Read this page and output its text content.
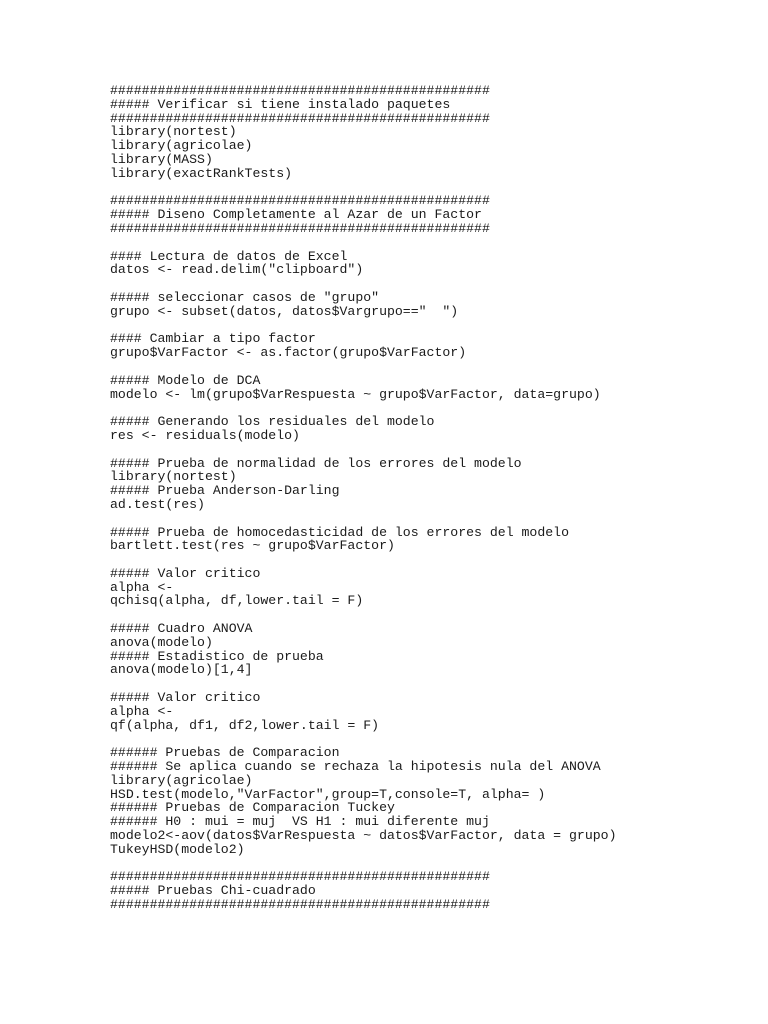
################################################
##### Verificar si tiene instalado paquetes
################################################
library(nortest)
library(agricolae)
library(MASS)
library(exactRankTests)
################################################
##### Diseno Completamente al Azar de un Factor
################################################
#### Lectura de datos de Excel
datos <- read.delim("clipboard")
##### seleccionar casos de "grupo"
grupo <- subset(datos, datos$Vargrupo=="  ")
#### Cambiar a tipo factor
grupo$VarFactor <- as.factor(grupo$VarFactor)
##### Modelo de DCA
modelo <- lm(grupo$VarRespuesta ~ grupo$VarFactor, data=grupo)
##### Generando los residuales del modelo
res <- residuals(modelo)
##### Prueba de normalidad de los errores del modelo
library(nortest)
##### Prueba Anderson-Darling
ad.test(res)
##### Prueba de homocedasticidad de los errores del modelo
bartlett.test(res ~ grupo$VarFactor)
##### Valor critico
alpha <-
qchisq(alpha, df,lower.tail = F)
##### Cuadro ANOVA
anova(modelo)
##### Estadistico de prueba
anova(modelo)[1,4]
##### Valor critico
alpha <-
qf(alpha, df1, df2,lower.tail = F)
###### Pruebas de Comparacion
###### Se aplica cuando se rechaza la hipotesis nula del ANOVA
library(agricolae)
HSD.test(modelo,"VarFactor",group=T,console=T, alpha= )
###### Pruebas de Comparacion Tuckey
###### H0 : mui = muj  VS H1 : mui diferente muj
modelo2<-aov(datos$VarRespuesta ~ datos$VarFactor, data = grupo)
TukeyHSD(modelo2)
################################################
##### Pruebas Chi-cuadrado
################################################
